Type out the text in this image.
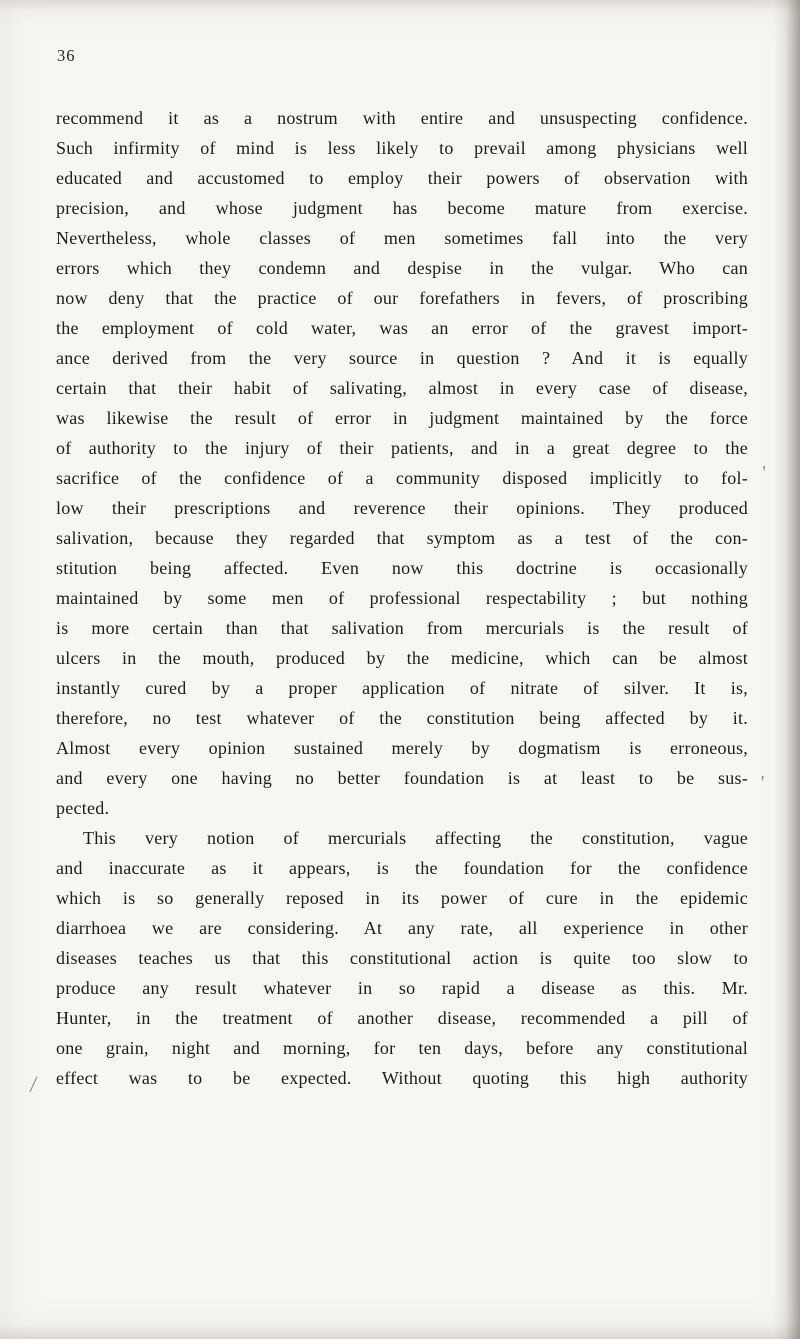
36
recommend it as a nostrum with entire and unsuspecting confidence.
Such infirmity of mind is less likely to prevail among physicians well
educated and accustomed to employ their powers of observation with
precision, and whose judgment has become mature from exercise.
Nevertheless, whole classes of men sometimes fall into the very
errors which they condemn and despise in the vulgar. Who can
now deny that the practice of our forefathers in fevers, of proscribing
the employment of cold water, was an error of the gravest import-
ance derived from the very source in question ? And it is equally
certain that their habit of salivating, almost in every case of disease,
was likewise the result of error in judgment maintained by the force
of authority to the injury of their patients, and in a great degree to the
sacrifice of the confidence of a community disposed implicitly to fol-
low their prescriptions and reverence their opinions. They produced
salivation, because they regarded that symptom as a test of the con-
stitution being affected. Even now this doctrine is occasionally
maintained by some men of professional respectability ; but nothing
is more certain than that salivation from mercurials is the result of
ulcers in the mouth, produced by the medicine, which can be almost
instantly cured by a proper application of nitrate of silver. It is,
therefore, no test whatever of the constitution being affected by it.
Almost every opinion sustained merely by dogmatism is erroneous,
and every one having no better foundation is at least to be sus-
pected.
This very notion of mercurials affecting the constitution, vague
and inaccurate as it appears, is the foundation for the confidence
which is so generally reposed in its power of cure in the epidemic
diarrhoea we are considering. At any rate, all experience in other
diseases teaches us that this constitutional action is quite too slow to
produce any result whatever in so rapid a disease as this. Mr.
Hunter, in the treatment of another disease, recommended a pill of
one grain, night and morning, for ten days, before any constitutional
effect was to be expected. Without quoting this high authority
'
'
/
